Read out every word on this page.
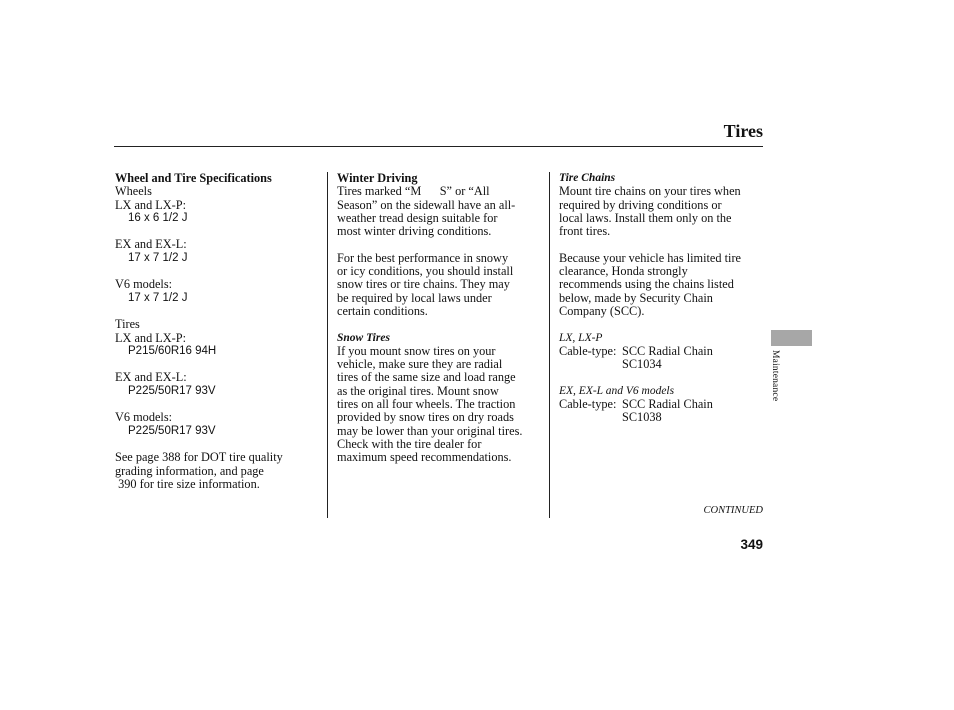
Tires
Wheel and Tire Specifications
Wheels
LX and LX-P:
16 x 6 1/2 J
EX and EX-L:
17 x 7 1/2 J
V6 models:
17 x 7 1/2 J
Tires
LX and LX-P:
P215/60R16 94H
EX and EX-L:
P225/50R17 93V
V6 models:
P225/50R17 93V
See page 388 for DOT tire quality
grading information, and page
390 for tire size information.
Winter Driving
Tires marked “M      S” or “All
Season” on the sidewall have an all-
weather tread design suitable for
most winter driving conditions.
For the best performance in snowy
or icy conditions, you should install
snow tires or tire chains. They may
be required by local laws under
certain conditions.
Snow Tires
If you mount snow tires on your
vehicle, make sure they are radial
tires of the same size and load range
as the original tires. Mount snow
tires on all four wheels. The traction
provided by snow tires on dry roads
may be lower than your original tires.
Check with the tire dealer for
maximum speed recommendations.
Tire Chains
Mount tire chains on your tires when
required by driving conditions or
local laws. Install them only on the
front tires.
Because your vehicle has limited tire
clearance, Honda strongly
recommends using the chains listed
below, made by Security Chain
Company (SCC).
LX, LX-P
Cable-type: SCC Radial Chain
SC1034
EX, EX-L and V6 models
Cable-type: SCC Radial Chain
SC1038
Maintenance
CONTINUED
349
